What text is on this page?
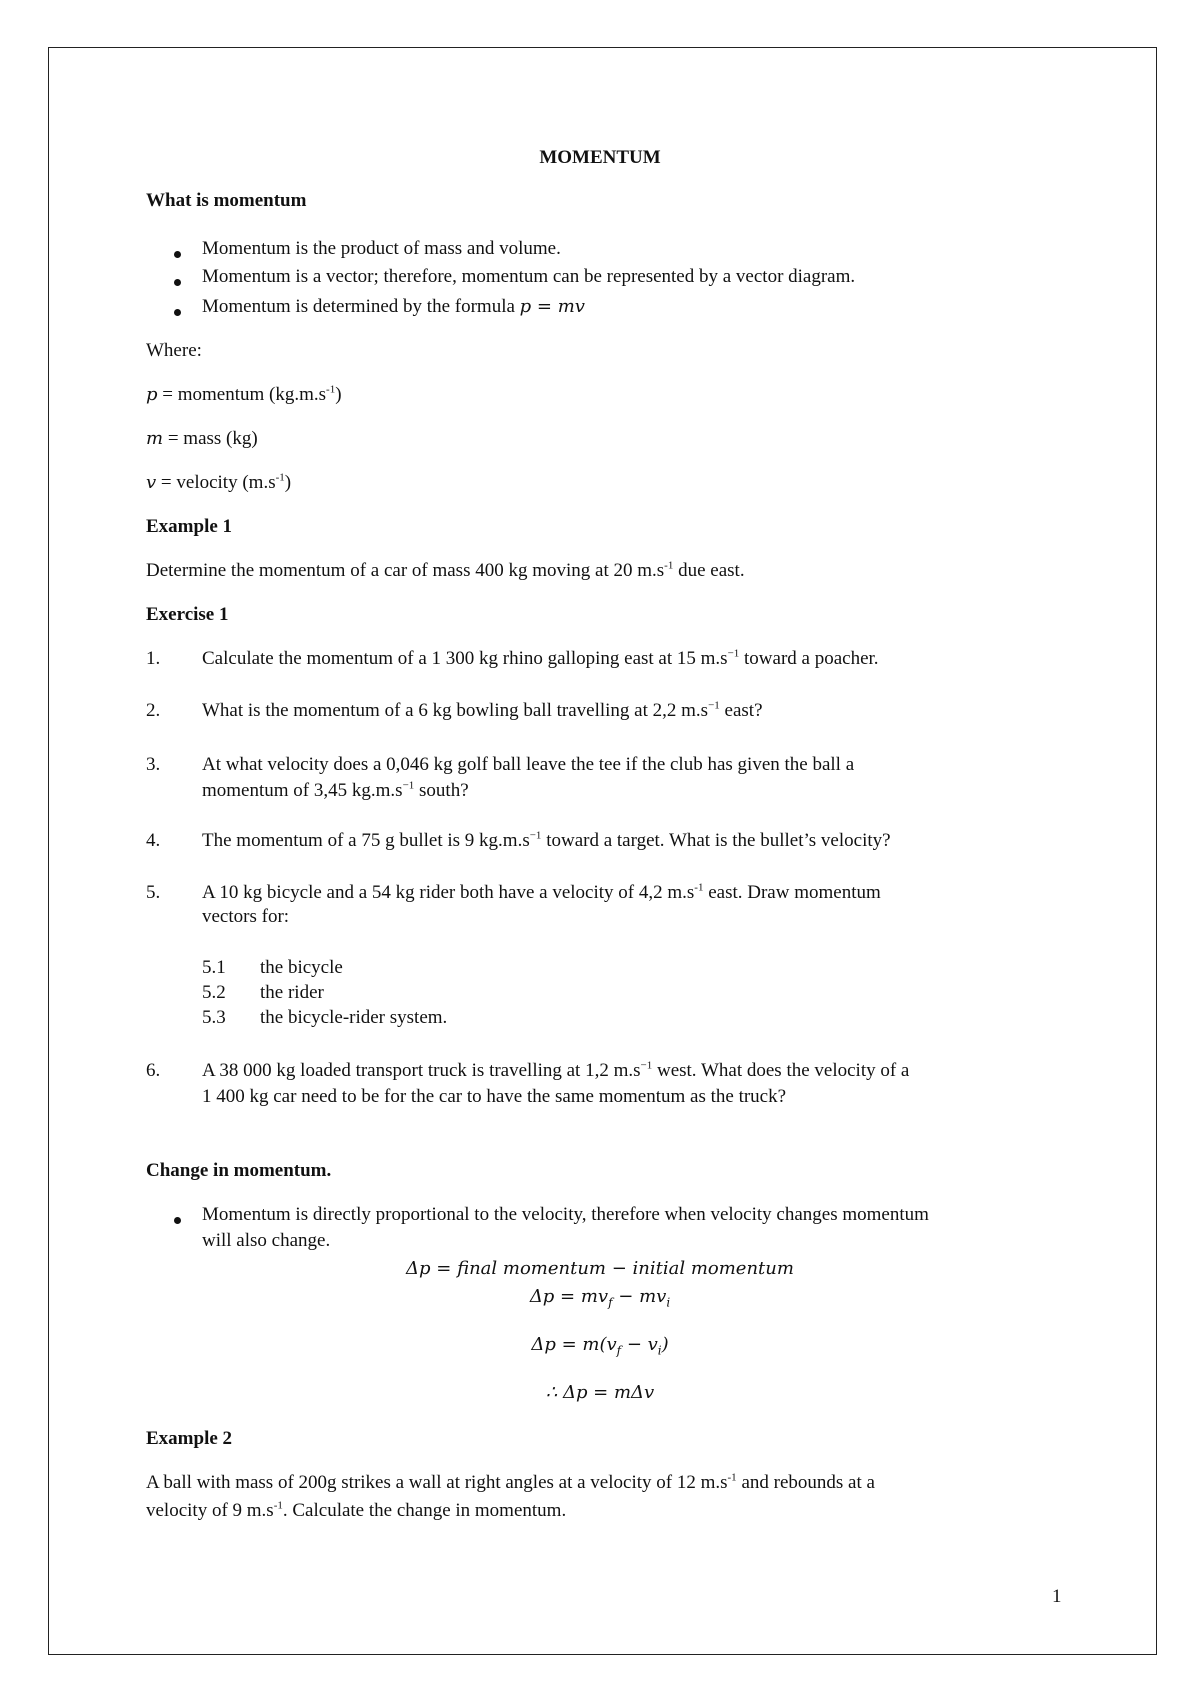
MOMENTUM
What is momentum
Momentum is the product of mass and volume.
Momentum is a vector; therefore, momentum can be represented by a vector diagram.
Momentum is determined by the formula p = mv
Where:
p = momentum $(kg.m.s^{-1})$
m = mass (kg)
v = velocity $(m.s^{-1})$
Example 1
Determine the momentum of a car of mass 400 kg moving at 20 $m.s^{-1}$ due east.
Exercise 1
1. Calculate the momentum of a 1 300 kg rhino galloping east at 15 $m.s^{-1}$ toward a poacher.
2. What is the momentum of a 6 kg bowling ball travelling at 2,2 $m.s^{-1}$ east?
3. At what velocity does a 0,046 kg golf ball leave the tee if the club has given the ball a
momentum of 3,45 $kg.m.s^{-1}$ south?
4. The momentum of a 75 g bullet is 9 $kg.m.s^{-1}$ toward a target. What is the bullet’s velocity?
5. A 10 kg bicycle and a 54 kg rider both have a velocity of 4,2 $m.s^{-1}$ east. Draw momentum
vectors for:
5.1 the bicycle
5.2 the rider
5.3 the bicycle-rider system.
6. A 38 000 kg loaded transport truck is travelling at 1,2 $m.s^{-1}$ west. What does the velocity of a
1 400 kg car need to be for the car to have the same momentum as the truck?
Change in momentum.
Momentum is directly proportional to the velocity, therefore when velocity changes momentum
will also change.
Δp = final momentum − initial momentum
$\Delta p = mv_f - mv_i$
$\Delta p = m(v_f - v_i)$
∴ Δp = mΔv
Example 2
A ball with mass of 200g strikes a wall at right angles at a velocity of 12 $m.s^{-1}$ and rebounds at a
velocity of 9 $m.s^{-1}$. Calculate the change in momentum.
1
